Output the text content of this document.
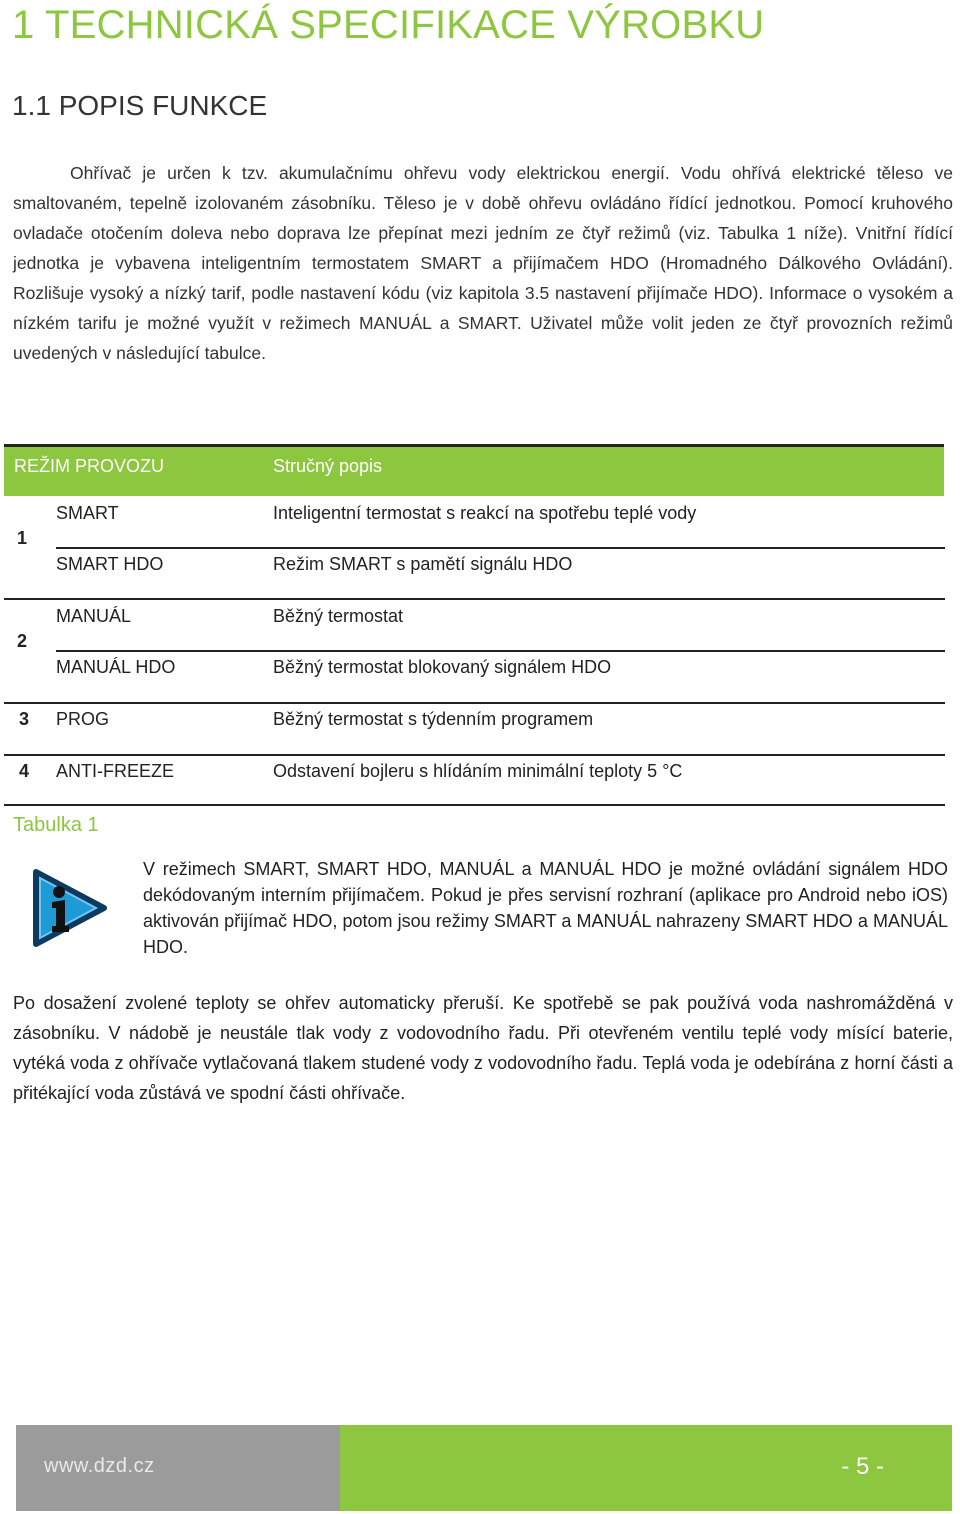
1 TECHNICKÁ SPECIFIKACE VÝROBKU
1.1 POPIS FUNKCE

Ohřívač je určen k tzv. akumulačnímu ohřevu vody elektrickou energií. Vodu ohřívá elektrické těleso ve smaltovaném, tepelně izolovaném zásobníku. Těleso je v době ohřevu ovládáno řídící jednotkou. Pomocí kruhového ovladače otočením doleva nebo doprava lze přepínat mezi jedním ze čtyř režimů (viz. Tabulka 1 níže). Vnitřní řídící jednotka je vybavena inteligentním termostatem SMART a přijímačem HDO (Hromadného Dálkového Ovládání). Rozlišuje vysoký a nízký tarif, podle nastavení kódu (viz kapitola 3.5 nastavení přijímače HDO). Informace o vysokém a nízkém tarifu je možné využít v režimech MANUÁL a SMART. Uživatel může volit jeden ze čtyř provozních režimů uvedených v následující tabulce.

REŽIM PROVOZU	Stručný popis
1
SMART	Inteligentní termostat s reakcí na spotřebu teplé vody
SMART HDO	Režim SMART s pamětí signálu HDO
2
MANUÁL	Běžný termostat
MANUÁL HDO	Běžný termostat blokovaný signálem HDO
3 PROG	Běžný termostat s týdenním programem
4 ANTI-FREEZE	Odstavení bojleru s hlídáním minimální teploty 5 °C
Tabulka 1

V režimech SMART, SMART HDO, MANUÁL a MANUÁL HDO je možné ovládání signálem HDO dekódovaným interním přijímačem. Pokud je přes servisní rozhraní (aplikace pro Android nebo iOS) aktivován přijímač HDO, potom jsou režimy SMART a MANUÁL nahrazeny SMART HDO a MANUÁL HDO.

Po dosažení zvolené teploty se ohřev automaticky přeruší. Ke spotřebě se pak používá voda nashromážděná v zásobníku. V nádobě je neustále tlak vody z vodovodního řadu. Při otevřeném ventilu teplé vody mísící baterie, vytéká voda z ohřívače vytlačovaná tlakem studené vody z vodovodního řadu. Teplá voda je odebírána z horní části a přitékající voda zůstává ve spodní části ohřívače.

www.dzd.cz	- 5 -
